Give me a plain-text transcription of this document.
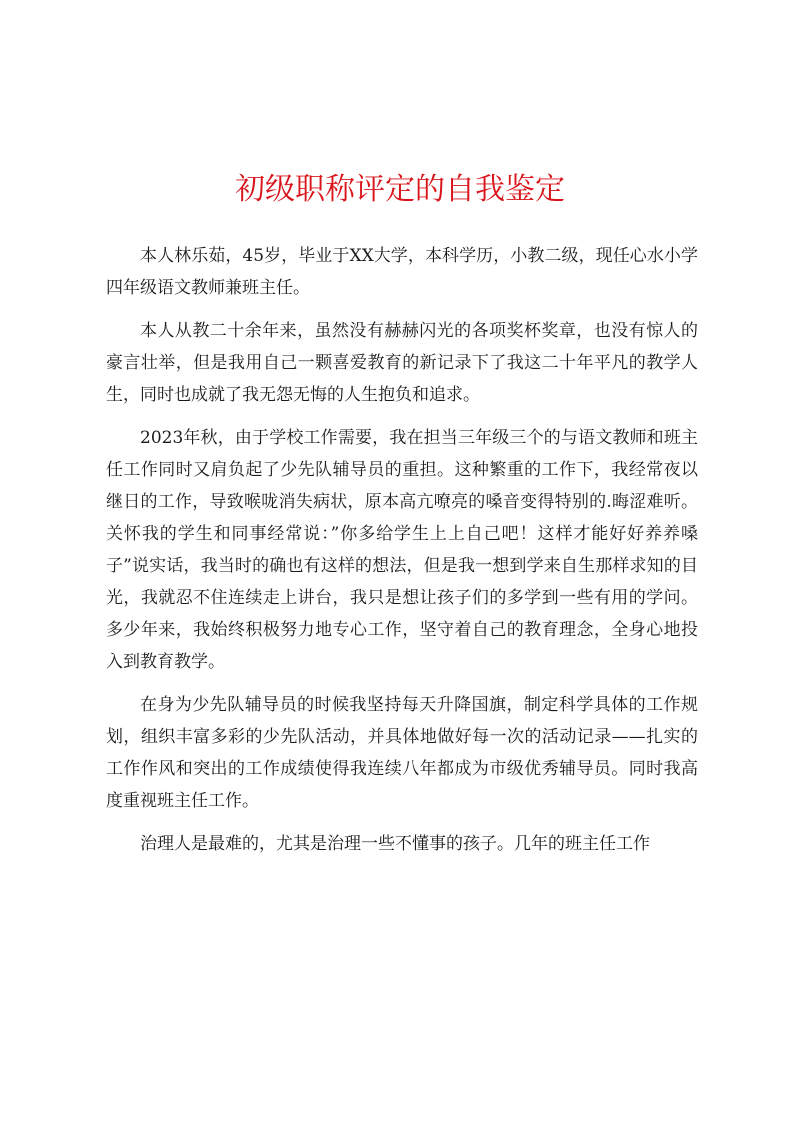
初级职称评定的自我鉴定

本人林乐茹，45岁，毕业于XX大学，本科学历，小教二级，现任心水小学四年级语文教师兼班主任。

本人从教二十余年来，虽然没有赫赫闪光的各项奖杯奖章，也没有惊人的豪言壮举，但是我用自己一颗喜爱教育的新记录下了我这二十年平凡的教学人生，同时也成就了我无怨无悔的人生抱负和追求。

2023年秋，由于学校工作需要，我在担当三年级三个的与语文教师和班主任工作同时又肩负起了少先队辅导员的重担。这种繁重的工作下，我经常夜以继日的工作，导致喉咙消失病状，原本高亢嘹亮的嗓音变得特别的.晦涩难听。关怀我的学生和同事经常说：”你多给学生上上自己吧！这样才能好好养养嗓子”说实话，我当时的确也有这样的想法，但是我一想到学来自生那样求知的目光，我就忍不住连续走上讲台，我只是想让孩子们的多学到一些有用的学问。多少年来，我始终积极努力地专心工作，坚守着自己的教育理念，全身心地投入到教育教学。

在身为少先队辅导员的时候我坚持每天升降国旗，制定科学具体的工作规划，组织丰富多彩的少先队活动，并具体地做好每一次的活动记录——扎实的工作作风和突出的工作成绩使得我连续八年都成为市级优秀辅导员。同时我高度重视班主任工作。

治理人是最难的，尤其是治理一些不懂事的孩子。几年的班主任工作
